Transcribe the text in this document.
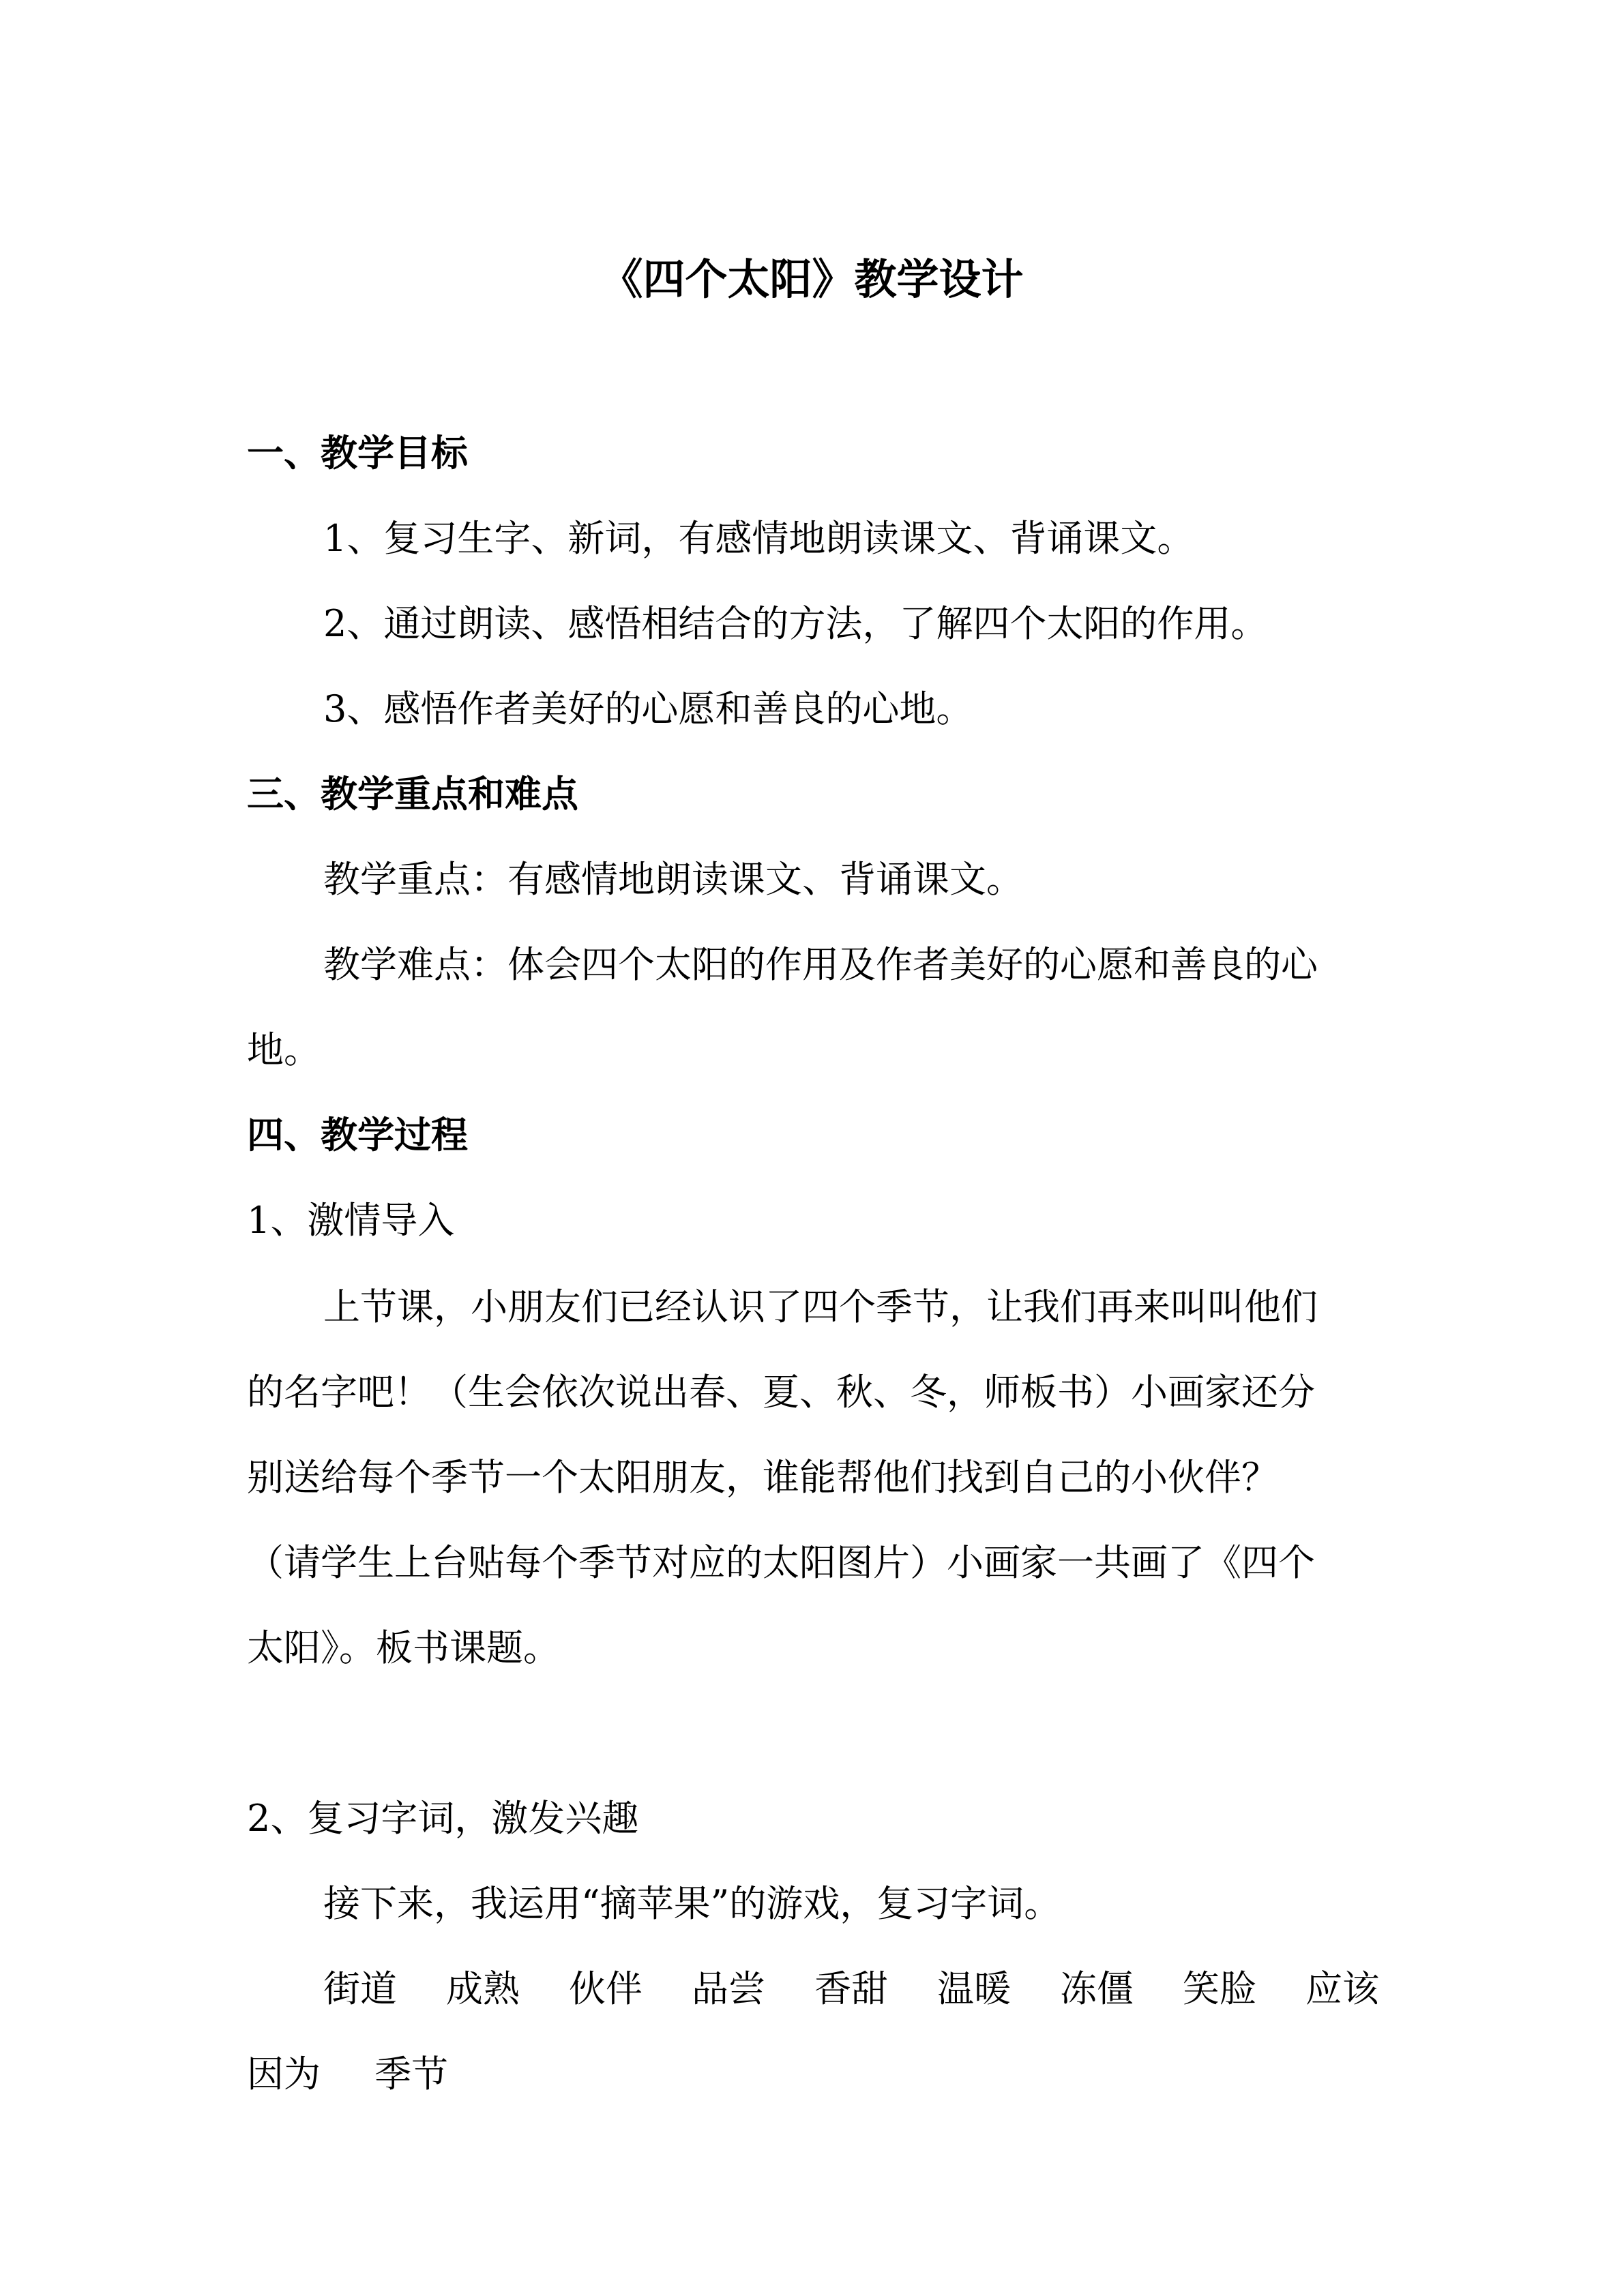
《四个太阳》教学设计
一、教学目标
1、复习生字、新词，有感情地朗读课文、背诵课文。
2、通过朗读、感悟相结合的方法，了解四个太阳的作用。
3、感悟作者美好的心愿和善良的心地。
三、教学重点和难点
教学重点：有感情地朗读课文、背诵课文。
教学难点：体会四个太阳的作用及作者美好的心愿和善良的心
地。
四、教学过程
1、激情导入
上节课，小朋友们已经认识了四个季节，让我们再来叫叫他们
的名字吧！（生会依次说出春、夏、秋、冬，师板书）小画家还分
别送给每个季节一个太阳朋友，谁能帮他们找到自己的小伙伴？
（请学生上台贴每个季节对应的太阳图片）小画家一共画了《四个
太阳》。板书课题。
2、复习字词，激发兴趣
接下来，我运用“摘苹果”的游戏，复习字词。
街道	成熟	伙伴	品尝	香甜	温暖	冻僵	笑脸	应该
因为 季节
